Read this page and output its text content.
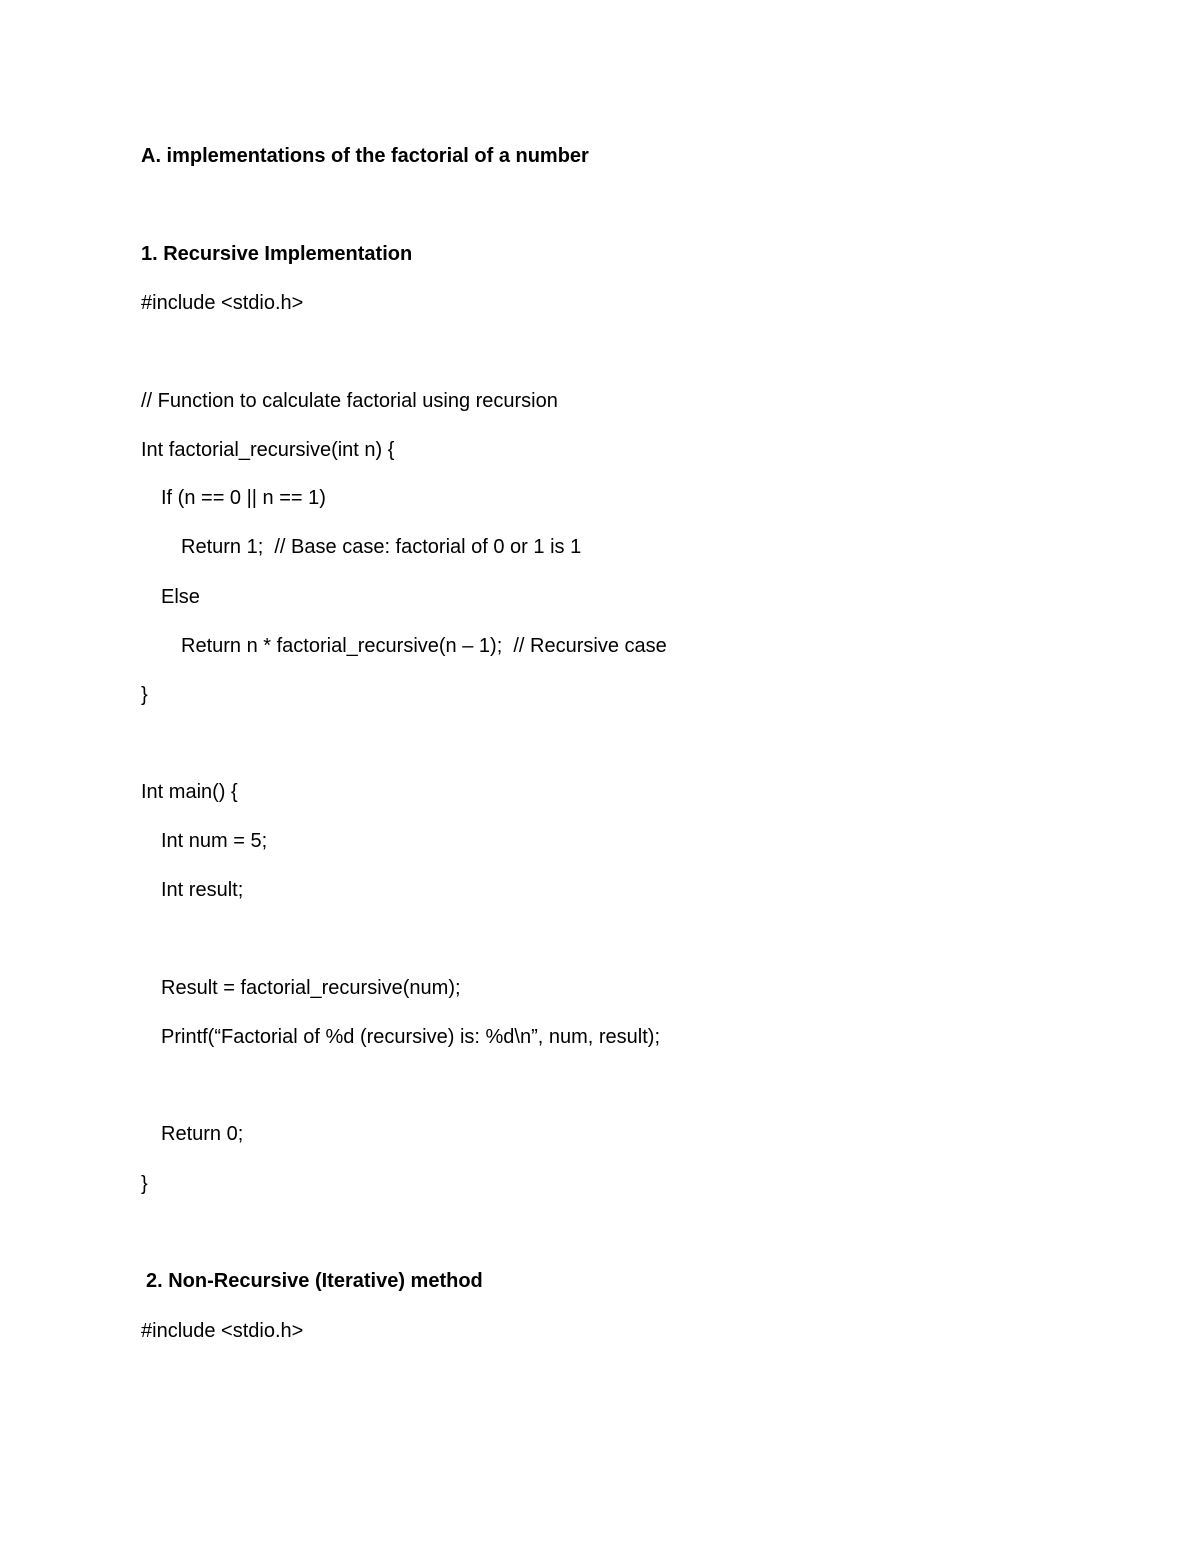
A. implementations of the factorial of a number
1. Recursive Implementation
#include <stdio.h>
// Function to calculate factorial using recursion
Int factorial_recursive(int n) {
If (n == 0 || n == 1)
Return 1;  // Base case: factorial of 0 or 1 is 1
Else
Return n * factorial_recursive(n – 1);  // Recursive case
}
Int main() {
Int num = 5;
Int result;
Result = factorial_recursive(num);
Printf(“Factorial of %d (recursive) is: %d\n”, num, result);
Return 0;
}
2. Non-Recursive (Iterative) method
#include <stdio.h>
